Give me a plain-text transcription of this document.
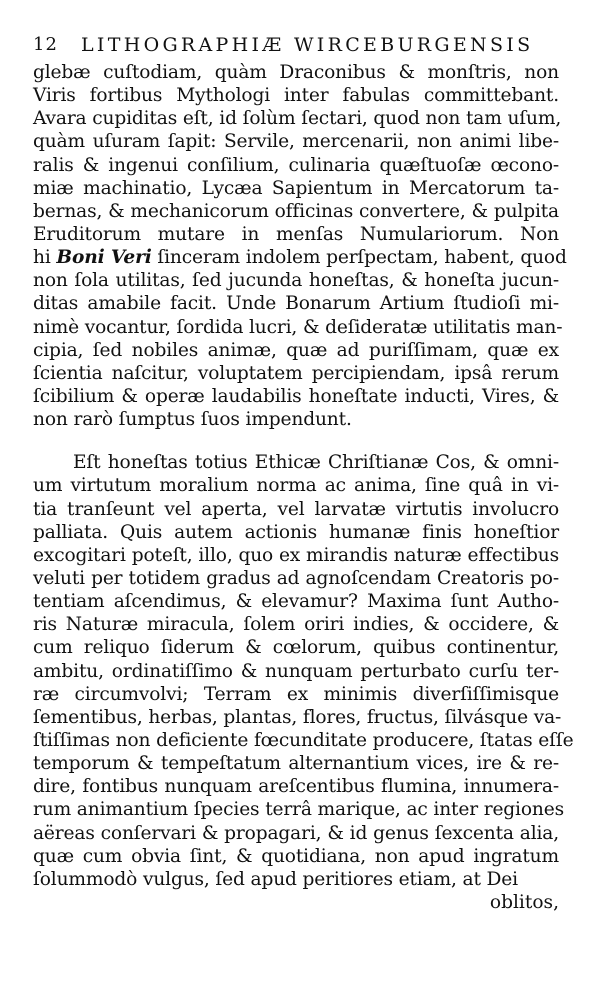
12 LITHOGRAPHIÆ WIRCEBURGENSIS
glebæ cuſtodiam, quàm Draconibus & monſtris, non
Viris fortibus Mythologi inter fabulas committebant.
Avara cupiditas eſt, id ſolùm ſectari, quod non tam uſum,
quàm uſuram ſapit: Servile, mercenarii, non animi libe-
ralis & ingenui conſilium, culinaria quæſtuoſæ œcono-
miæ machinatio, Lycæa Sapientum in Mercatorum ta-
bernas, & mechanicorum officinas convertere, & pulpita
Eruditorum mutare in menſas Numulariorum. Non
hi Boni Veri ſinceram indolem perſpectam, habent, quod
non ſola utilitas, ſed jucunda honeſtas, & honeſta jucun-
ditas amabile facit. Unde Bonarum Artium ſtudioſi mi-
nimè vocantur, ſordida lucri, & deſideratæ utilitatis man-
cipia, ſed nobiles animæ, quæ ad puriſſimam, quæ ex
ſcientia naſcitur, voluptatem percipiendam, ipsâ rerum
ſcibilium & operæ laudabilis honeſtate inducti, Vires, &
non rarò ſumptus ſuos impendunt.
Eſt honeſtas totius Ethicæ Chriſtianæ Cos, & omni-
um virtutum moralium norma ac anima, ſine quâ in vi-
tia tranſeunt vel aperta, vel larvatæ virtutis involucro
palliata. Quis autem actionis humanæ finis honeſtior
excogitari poteſt, illo, quo ex mirandis naturæ effectibus
veluti per totidem gradus ad agnoſcendam Creatoris po-
tentiam aſcendimus, & elevamur? Maxima ſunt Autho-
ris Naturæ miracula, ſolem oriri indies, & occidere, &
cum reliquo ſiderum & cœlorum, quibus continentur,
ambitu, ordinatiſſimo & nunquam perturbato curſu ter-
ræ circumvolvi; Terram ex minimis diverſiſſimisque
ſementibus, herbas, plantas, flores, fructus, ſilvásque va-
ſtiſſimas non deficiente fœcunditate producere, ſtatas eſſe
temporum & tempeſtatum alternantium vices, ire & re-
dire, fontibus nunquam areſcentibus flumina, innumera-
rum animantium ſpecies terrâ marique, ac inter regiones
aëreas conſervari & propagari, & id genus ſexcenta alia,
quæ cum obvia ſint, & quotidiana, non apud ingratum
ſolummodò vulgus, ſed apud peritiores etiam, at Dei
oblitos,
